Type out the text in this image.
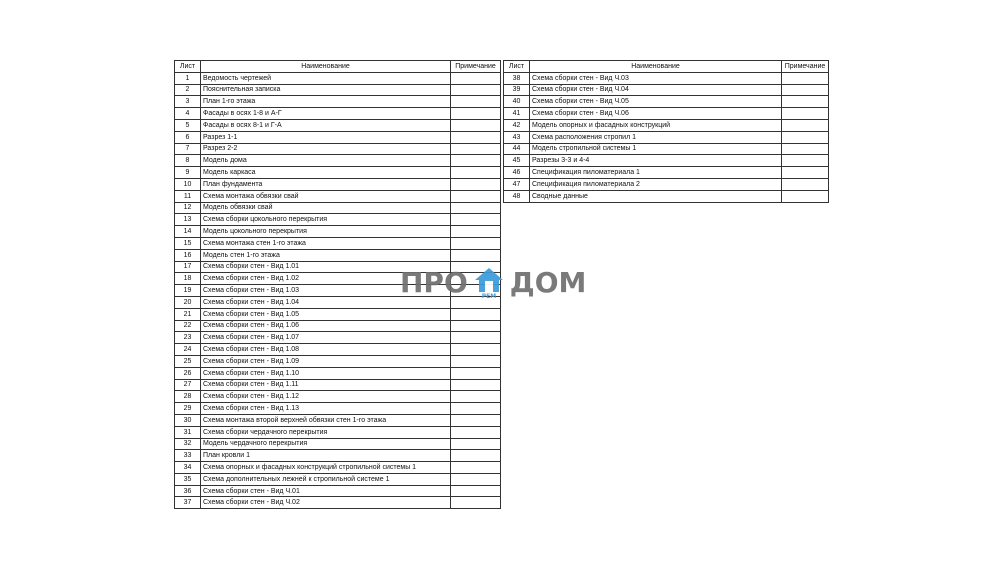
Лист	Наименование	Примечание
1	Ведомость чертежей	
2	Пояснительная записка	
3	План 1-го этажа	
4	Фасады в осях 1-8 и А-Г	
5	Фасады в осях 8-1 и Г-А	
6	Разрез 1-1	
7	Разрез 2-2	
8	Модель дома	
9	Модель каркаса	
10	План фундамента	
11	Схема монтажа обвязки свай	
12	Модель обвязки свай	
13	Схема сборки цокольного перекрытия	
14	Модель цокольного перекрытия	
15	Схема монтажа стен 1-го этажа	
16	Модель стен 1-го этажа	
17	Схема сборки стен - Вид 1.01	
18	Схема сборки стен - Вид 1.02	
19	Схема сборки стен - Вид 1.03	
20	Схема сборки стен - Вид 1.04	
21	Схема сборки стен - Вид 1.05	
22	Схема сборки стен - Вид 1.06	
23	Схема сборки стен - Вид 1.07	
24	Схема сборки стен - Вид 1.08	
25	Схема сборки стен - Вид 1.09	
26	Схема сборки стен - Вид 1.10	
27	Схема сборки стен - Вид 1.11	
28	Схема сборки стен - Вид 1.12	
29	Схема сборки стен - Вид 1.13	
30	Схема монтажа второй верхней обвязки стен 1-го этажа	
31	Схема сборки чердачного перекрытия	
32	Модель чердачного перекрытия	
33	План кровли 1	
34	Схема опорных и фасадных конструкций стропильной системы 1	
35	Схема дополнительных лежней к стропильной системе 1	
36	Схема сборки стен - Вид Ч.01	
37	Схема сборки стен - Вид Ч.02	
Лист	Наименование	Примечание
38	Схема сборки стен - Вид Ч.03	
39	Схема сборки стен - Вид Ч.04	
40	Схема сборки стен - Вид Ч.05	
41	Схема сборки стен - Вид Ч.06	
42	Модель опорных и фасадных конструкций	
43	Схема расположения стропил 1	
44	Модель стропильной системы 1	
45	Разрезы 3-3 и 4-4	
46	Спецификация пиломатериала 1	
47	Спецификация пиломатериала 2	
48	Сводные данные	
ПРО РЕМ ДОМ
